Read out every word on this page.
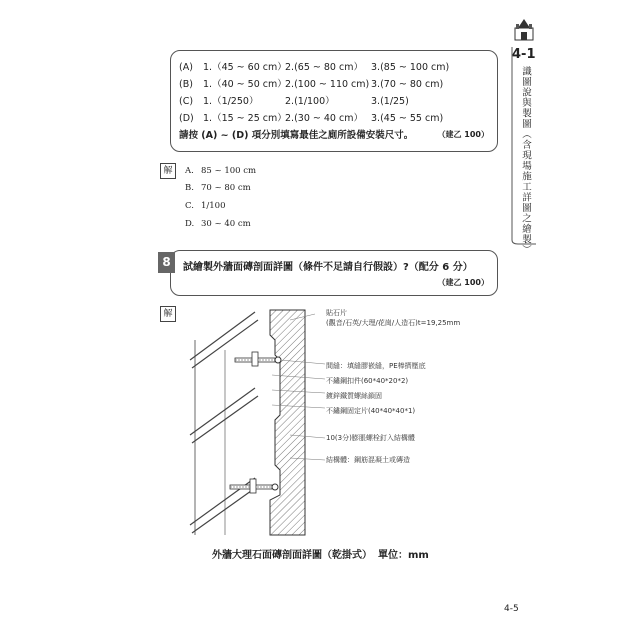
4-1
識圖說與製圖（含現場施工詳圖之繪製）
(A) 1.（45 ~ 60 cm）2.(65 ~ 80 cm） 3.(85 ~ 100 cm)
(B) 1.（40 ~ 50 cm）2.(100 ~ 110 cm) 3.(70 ~ 80 cm)
(C) 1.（1/250）	2.(1/100）	3.(1/25)
(D) 1.（15 ~ 25 cm）2.(30 ~ 40 cm） 3.(45 ~ 55 cm)
請按 (A) ~ (D) 項分別填寫最佳之廁所設備安裝尺寸。	（建乙 100）
解	A. 85 ~ 100 cm
B. 70 ~ 80 cm
C. 1/100
D. 30 ~ 40 cm
試繪製外牆面磚剖面詳圖（條件不足請自行假設）?（配分 6 分）
（建乙 100）
8
解	貼石片
(觀音/石英/大理/花崗/人造石)t=19,25mm
間縫：填縫膠嵌縫，PE棒擠壓底
不鏽鋼扣件(60*40*20*2)
鍍鋅鐵質螺絲鎖固
不鏽鋼固定片(40*40*40*1)
10(3分)膨脹螺栓釘入結構體
結構體：鋼筋混凝土或磚造
外牆大理石面磚剖面詳圖（乾掛式） 單位：mm
4-5
